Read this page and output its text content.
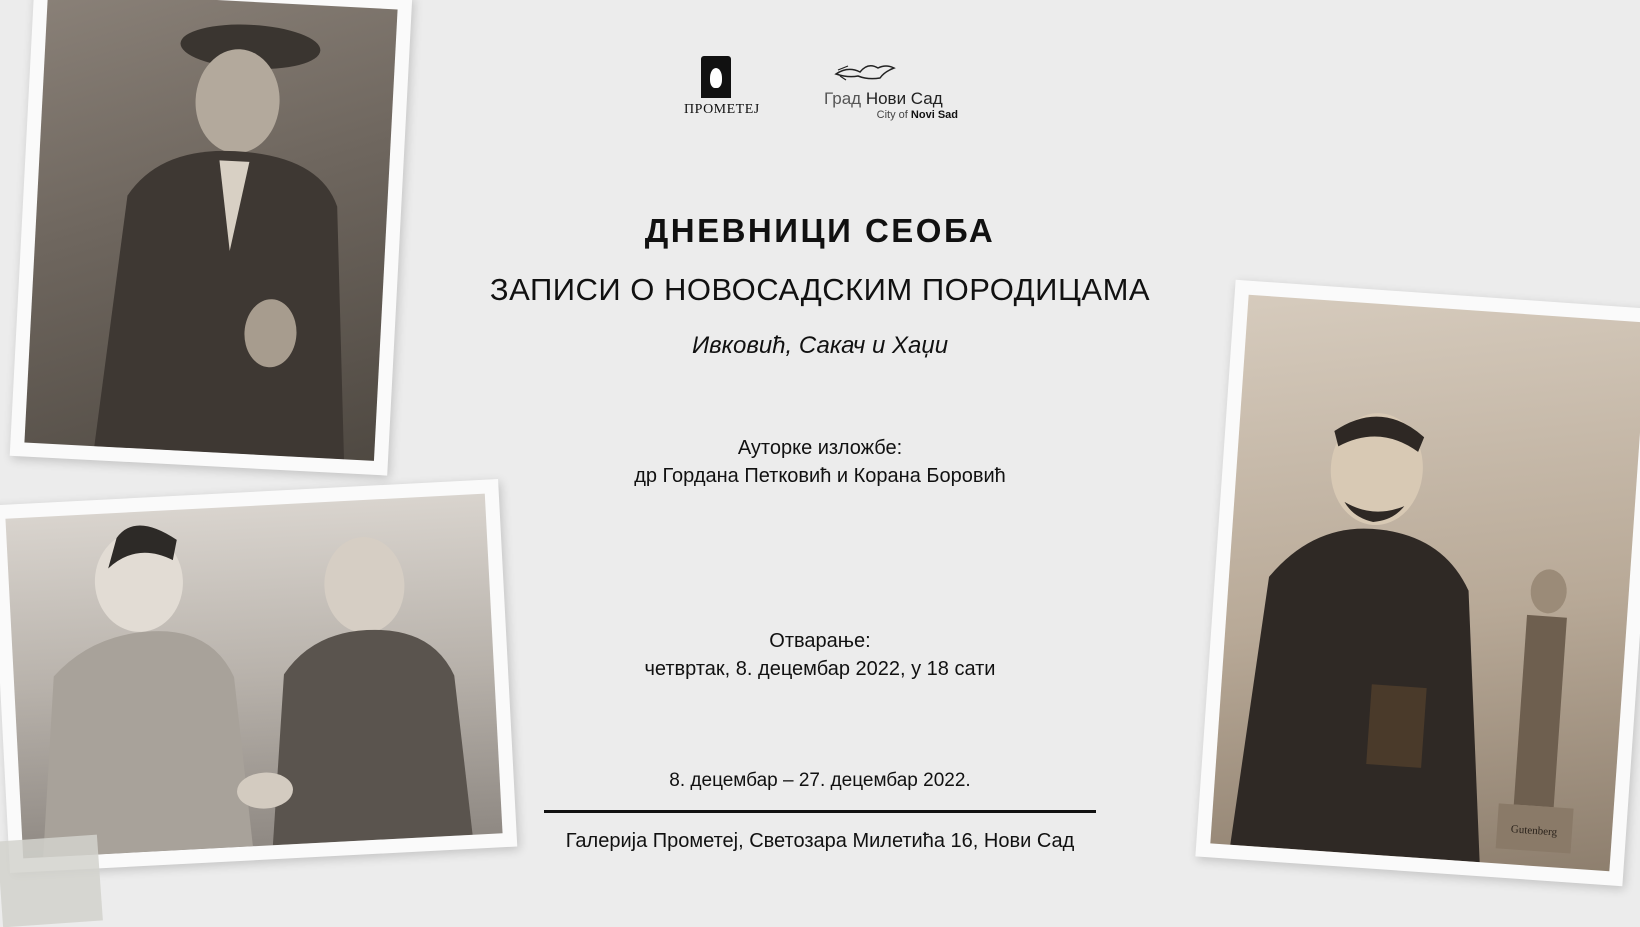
Gutenberg
ПРОМЕТЕЈ
Град Нови Сад
City of Novi Sad
ДНЕВНИЦИ СЕОБА
ЗАПИСИ О НОВОСАДСКИМ ПОРОДИЦАМА
Ивковић, Сакач и Хаџи
Ауторке изложбе:
др Гордана Петковић и Корана Боровић
Отварање:
четвртак, 8. децембар 2022, у 18 сати
8. децембар – 27. децембар 2022.
Галерија Прометеј, Светозара Милетића 16, Нови Сад
